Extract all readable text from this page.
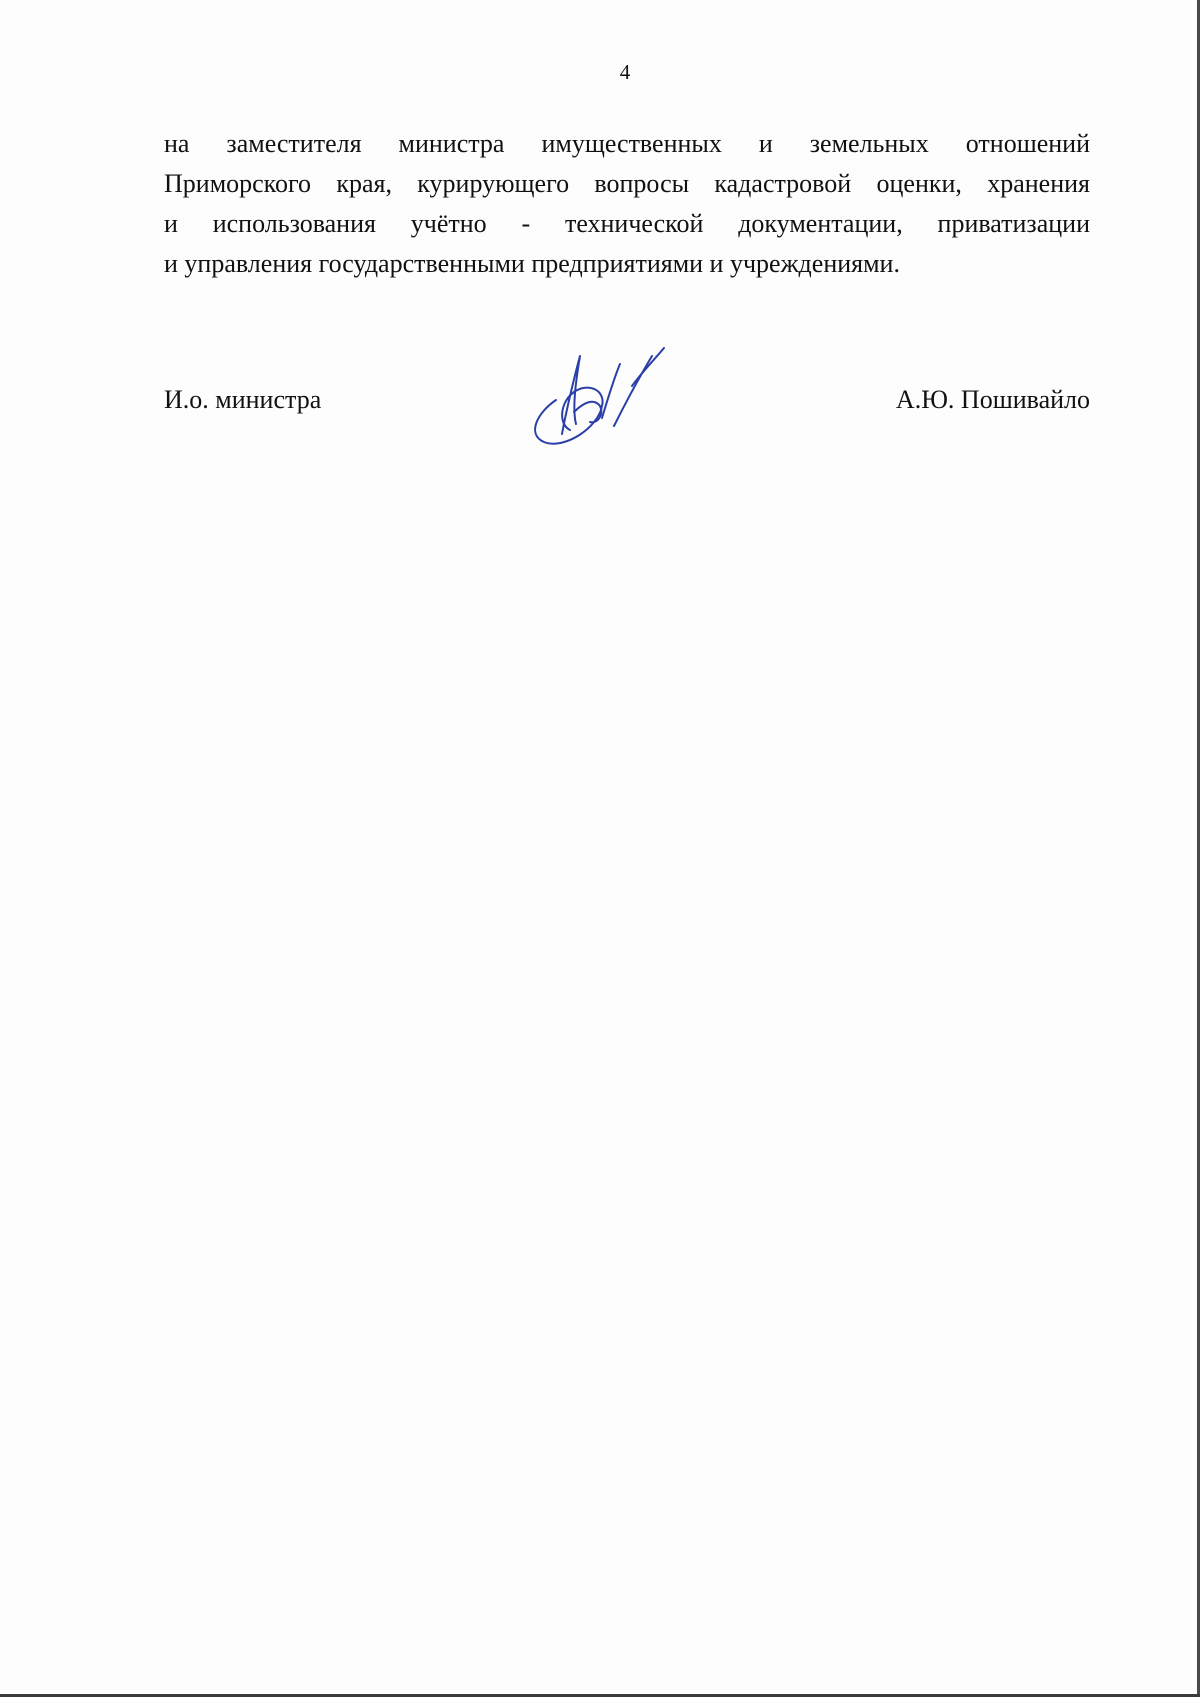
4
на заместителя министра имущественных и земельных отношений
Приморского края, курирующего вопросы кадастровой оценки, хранения
и использования учётно - технической документации, приватизации
и управления государственными предприятиями и учреждениями.
И.о. министра	А.Ю. Пошивайло
